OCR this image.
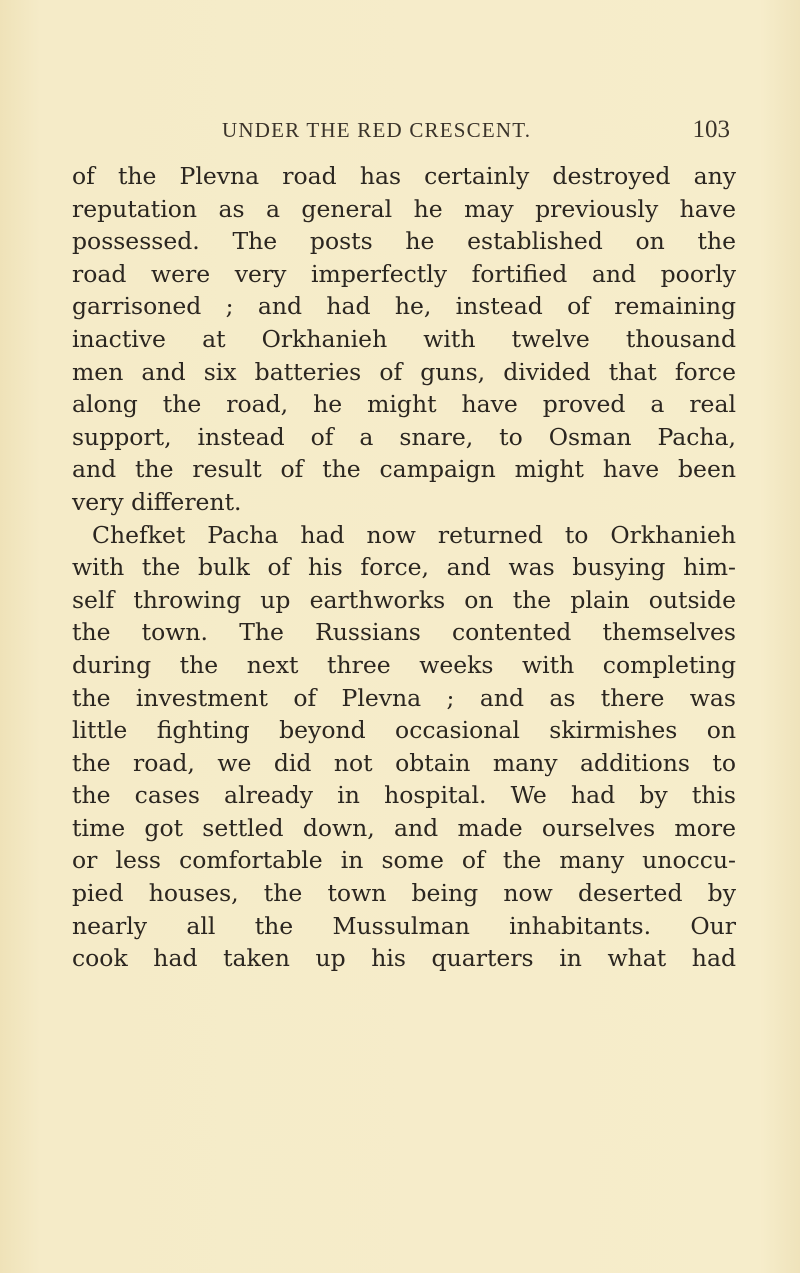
UNDER THE RED CRESCENT.	103
of the Plevna road has certainly destroyed any
reputation as a general he may previously have
possessed. The posts he established on the
road were very imperfectly fortified and poorly
garrisoned ; and had he, instead of remaining
inactive at Orkhanieh with twelve thousand
men and six batteries of guns, divided that force
along the road, he might have proved a real
support, instead of a snare, to Osman Pacha,
and the result of the campaign might have been
very different.
Chefket Pacha had now returned to Orkhanieh
with the bulk of his force, and was busying him-
self throwing up earthworks on the plain outside
the town. The Russians contented themselves
during the next three weeks with completing
the investment of Plevna ; and as there was
little fighting beyond occasional skirmishes on
the road, we did not obtain many additions to
the cases already in hospital. We had by this
time got settled down, and made ourselves more
or less comfortable in some of the many unoccu-
pied houses, the town being now deserted by
nearly all the Mussulman inhabitants. Our
cook had taken up his quarters in what had
